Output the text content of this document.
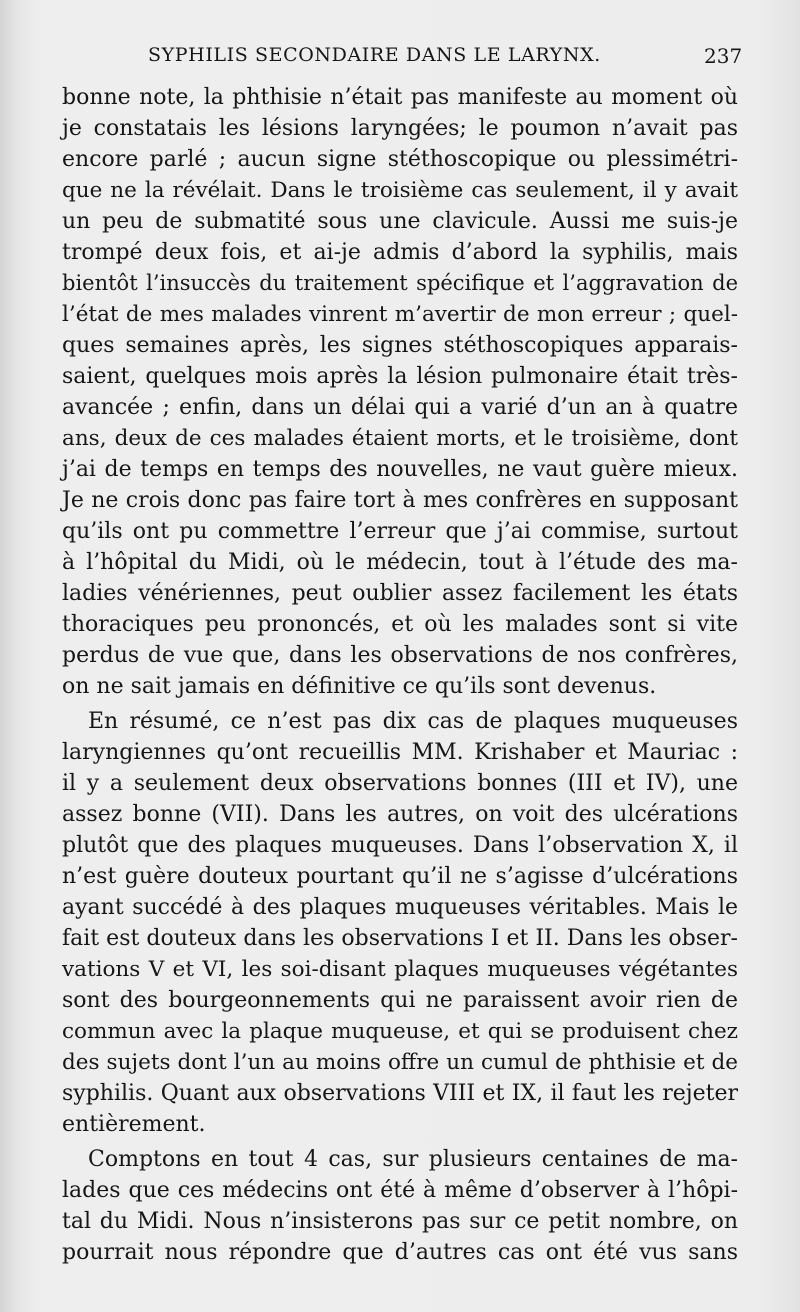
SYPHILIS SECONDAIRE DANS LE LARYNX.	237
bonne note, la phthisie n’était pas manifeste au moment où
je constatais les lésions laryngées; le poumon n’avait pas
encore parlé ; aucun signe stéthoscopique ou plessimétri-
que ne la révélait. Dans le troisième cas seulement, il y avait
un peu de submatité sous une clavicule. Aussi me suis-je
trompé deux fois, et ai-je admis d’abord la syphilis, mais
bientôt l’insuccès du traitement spécifique et l’aggravation de
l’état de mes malades vinrent m’avertir de mon erreur ; quel-
ques semaines après, les signes stéthoscopiques apparais-
saient, quelques mois après la lésion pulmonaire était très-
avancée ; enfin, dans un délai qui a varié d’un an à quatre
ans, deux de ces malades étaient morts, et le troisième, dont
j’ai de temps en temps des nouvelles, ne vaut guère mieux.
Je ne crois donc pas faire tort à mes confrères en supposant
qu’ils ont pu commettre l’erreur que j’ai commise, surtout
à l’hôpital du Midi, où le médecin, tout à l’étude des ma-
ladies vénériennes, peut oublier assez facilement les états
thoraciques peu prononcés, et où les malades sont si vite
perdus de vue que, dans les observations de nos confrères,
on ne sait jamais en définitive ce qu’ils sont devenus.
En résumé, ce n’est pas dix cas de plaques muqueuses
laryngiennes qu’ont recueillis MM. Krishaber et Mauriac :
il y a seulement deux observations bonnes (III et IV), une
assez bonne (VII). Dans les autres, on voit des ulcérations
plutôt que des plaques muqueuses. Dans l’observation X, il
n’est guère douteux pourtant qu’il ne s’agisse d’ulcérations
ayant succédé à des plaques muqueuses véritables. Mais le
fait est douteux dans les observations I et II. Dans les obser-
vations V et VI, les soi-disant plaques muqueuses végétantes
sont des bourgeonnements qui ne paraissent avoir rien de
commun avec la plaque muqueuse, et qui se produisent chez
des sujets dont l’un au moins offre un cumul de phthisie et de
syphilis. Quant aux observations VIII et IX, il faut les rejeter
entièrement.
Comptons en tout 4 cas, sur plusieurs centaines de ma-
lades que ces médecins ont été à même d’observer à l’hôpi-
tal du Midi. Nous n’insisterons pas sur ce petit nombre, on
pourrait nous répondre que d’autres cas ont été vus sans
